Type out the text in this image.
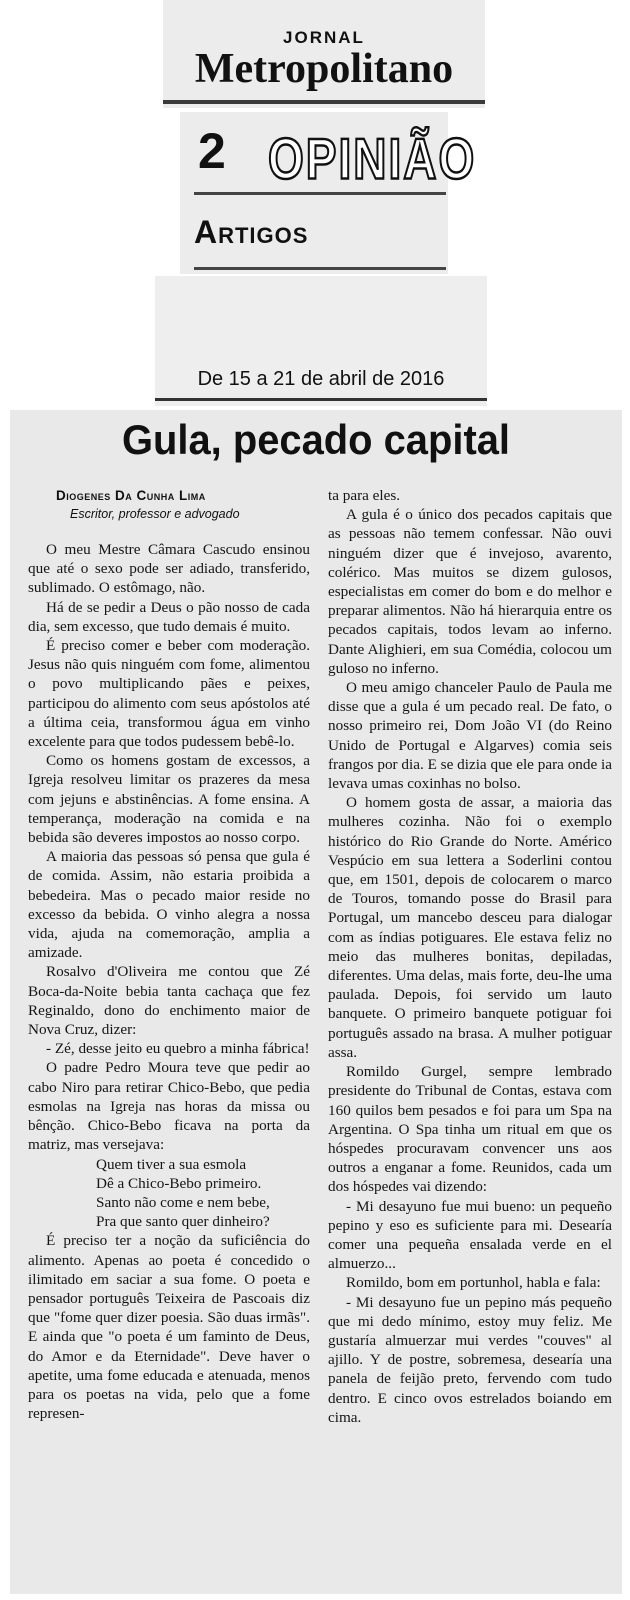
JORNAL
Metropolitano
2 OPINIÃO
Artigos
De 15 a 21 de abril de 2016
Gula, pecado capital
Diogenes Da Cunha Lima
Escritor, professor e advogado

O meu Mestre Câmara Cascudo ensinou que até o sexo pode ser adiado, transferido, sublimado. O estômago, não.

Há de se pedir a Deus o pão nosso de cada dia, sem excesso, que tudo demais é muito.

É preciso comer e beber com moderação. Jesus não quis ninguém com fome, alimentou o povo multiplicando pães e peixes, participou do alimento com seus apóstolos até a última ceia, transformou água em vinho excelente para que todos pudessem bebê-lo.

Como os homens gostam de excessos, a Igreja resolveu limitar os prazeres da mesa com jejuns e abstinências. A fome ensina. A temperança, moderação na comida e na bebida são deveres impostos ao nosso corpo.

A maioria das pessoas só pensa que gula é de comida. Assim, não estaria proibida a bebedeira. Mas o pecado maior reside no excesso da bebida. O vinho alegra a nossa vida, ajuda na comemoração, amplia a amizade.

Rosalvo d'Oliveira me contou que Zé Boca-da-Noite bebia tanta cachaça que fez Reginaldo, dono do enchimento maior de Nova Cruz, dizer:

- Zé, desse jeito eu quebro a minha fábrica!

O padre Pedro Moura teve que pedir ao cabo Niro para retirar Chico-Bebo, que pedia esmolas na Igreja nas horas da missa ou bênção. Chico-Bebo ficava na porta da matriz, mas versejava:

Quem tiver a sua esmola
Dê a Chico-Bebo primeiro.
Santo não come e nem bebe,
Pra que santo quer dinheiro?

É preciso ter a noção da suficiência do alimento. Apenas ao poeta é concedido o ilimitado em saciar a sua fome. O poeta e pensador português Teixeira de Pascoais diz que "fome quer dizer poesia. São duas irmãs". E ainda que "o poeta é um faminto de Deus, do Amor e da Eternidade". Deve haver o apetite, uma fome educada e atenuada, menos para os poetas na vida, pelo que a fome represen-

ta para eles.

A gula é o único dos pecados capitais que as pessoas não temem confessar. Não ouvi ninguém dizer que é invejoso, avarento, colérico. Mas muitos se dizem gulosos, especialistas em comer do bom e do melhor e preparar alimentos. Não há hierarquia entre os pecados capitais, todos levam ao inferno. Dante Alighieri, em sua Comédia, colocou um guloso no inferno.

O meu amigo chanceler Paulo de Paula me disse que a gula é um pecado real. De fato, o nosso primeiro rei, Dom João VI (do Reino Unido de Portugal e Algarves) comia seis frangos por dia. E se dizia que ele para onde ia levava umas coxinhas no bolso.

O homem gosta de assar, a maioria das mulheres cozinha. Não foi o exemplo histórico do Rio Grande do Norte. Américo Vespúcio em sua lettera a Soderlini contou que, em 1501, depois de colocarem o marco de Touros, tomando posse do Brasil para Portugal, um mancebo desceu para dialogar com as índias potiguares. Ele estava feliz no meio das mulheres bonitas, depiladas, diferentes. Uma delas, mais forte, deu-lhe uma paulada. Depois, foi servido um lauto banquete. O primeiro banquete potiguar foi português assado na brasa. A mulher potiguar assa.

Romildo Gurgel, sempre lembrado presidente do Tribunal de Contas, estava com 160 quilos bem pesados e foi para um Spa na Argentina. O Spa tinha um ritual em que os hóspedes procuravam convencer uns aos outros a enganar a fome. Reunidos, cada um dos hóspedes vai dizendo:

- Mi desayuno fue mui bueno: un pequeño pepino y eso es suficiente para mi. Desearía comer una pequeña ensalada verde en el almuerzo...

Romildo, bom em portunhol, habla e fala:

- Mi desayuno fue un pepino más pequeño que mi dedo mínimo, estoy muy feliz. Me gustaría almuerzar mui verdes "couves" al ajillo. Y de postre, sobremesa, desearía una panela de feijão preto, fervendo com tudo dentro. E cinco ovos estrelados boiando em cima.
